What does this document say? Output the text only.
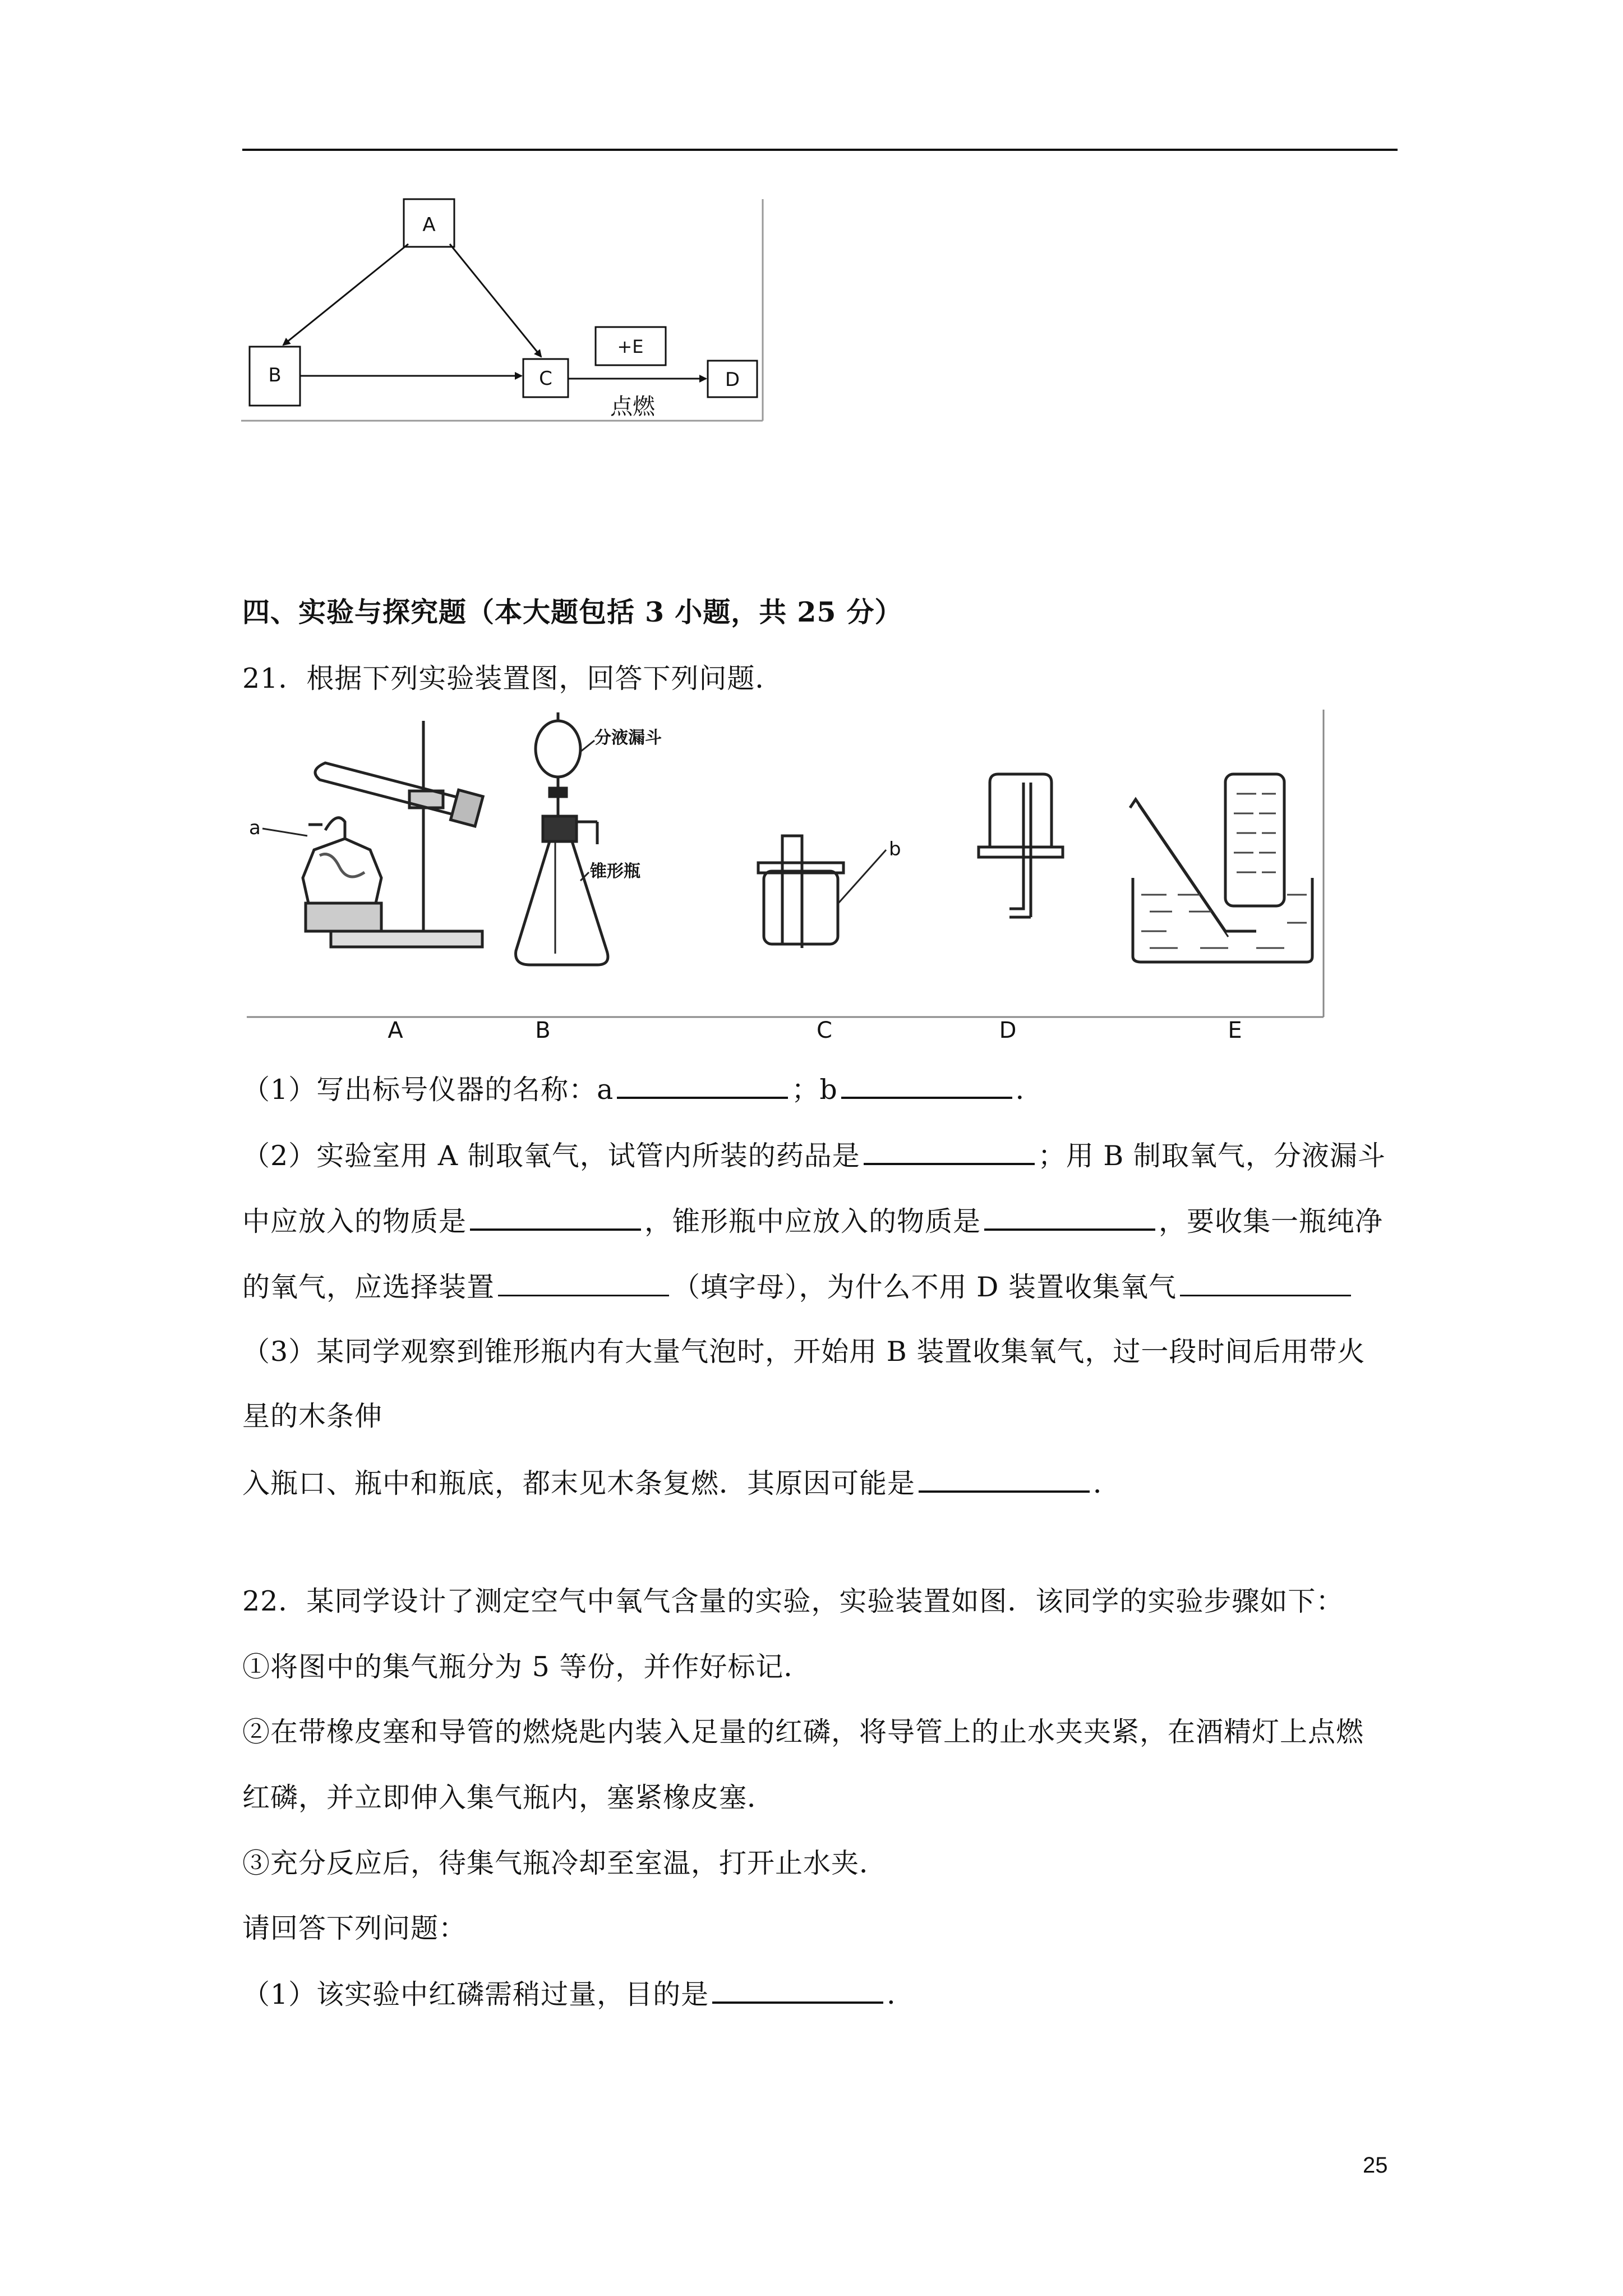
A
B	C
+E
D
点燃
四、实验与探究题（本大题包括 3 小题，共 25 分）
21．根据下列实验装置图，回答下列问题．
a
分液漏斗
锥形瓶
b
A	B	C	D	E
（1）写出标号仪器的名称：a	；b	．
（2）实验室用 A 制取氧气，试管内所装的药品是	；用 B 制取氧气，分液漏斗
中应放入的物质是	，锥形瓶中应放入的物质是	，要收集一瓶纯净
的氧气，应选择装置	（填字母），为什么不用 D 装置收集氧气
（3）某同学观察到锥形瓶内有大量气泡时，开始用 B 装置收集氧气，过一段时间后用带火
星的木条伸
入瓶口、瓶中和瓶底，都末见木条复燃．其原因可能是	．
22．某同学设计了测定空气中氧气含量的实验，实验装置如图．该同学的实验步骤如下：
①将图中的集气瓶分为 5 等份，并作好标记．
②在带橡皮塞和导管的燃烧匙内装入足量的红磷，将导管上的止水夹夹紧，在酒精灯上点燃
红磷，并立即伸入集气瓶内，塞紧橡皮塞．
③充分反应后，待集气瓶冷却至室温，打开止水夹．
请回答下列问题：
（1）该实验中红磷需稍过量，目的是	．
25
